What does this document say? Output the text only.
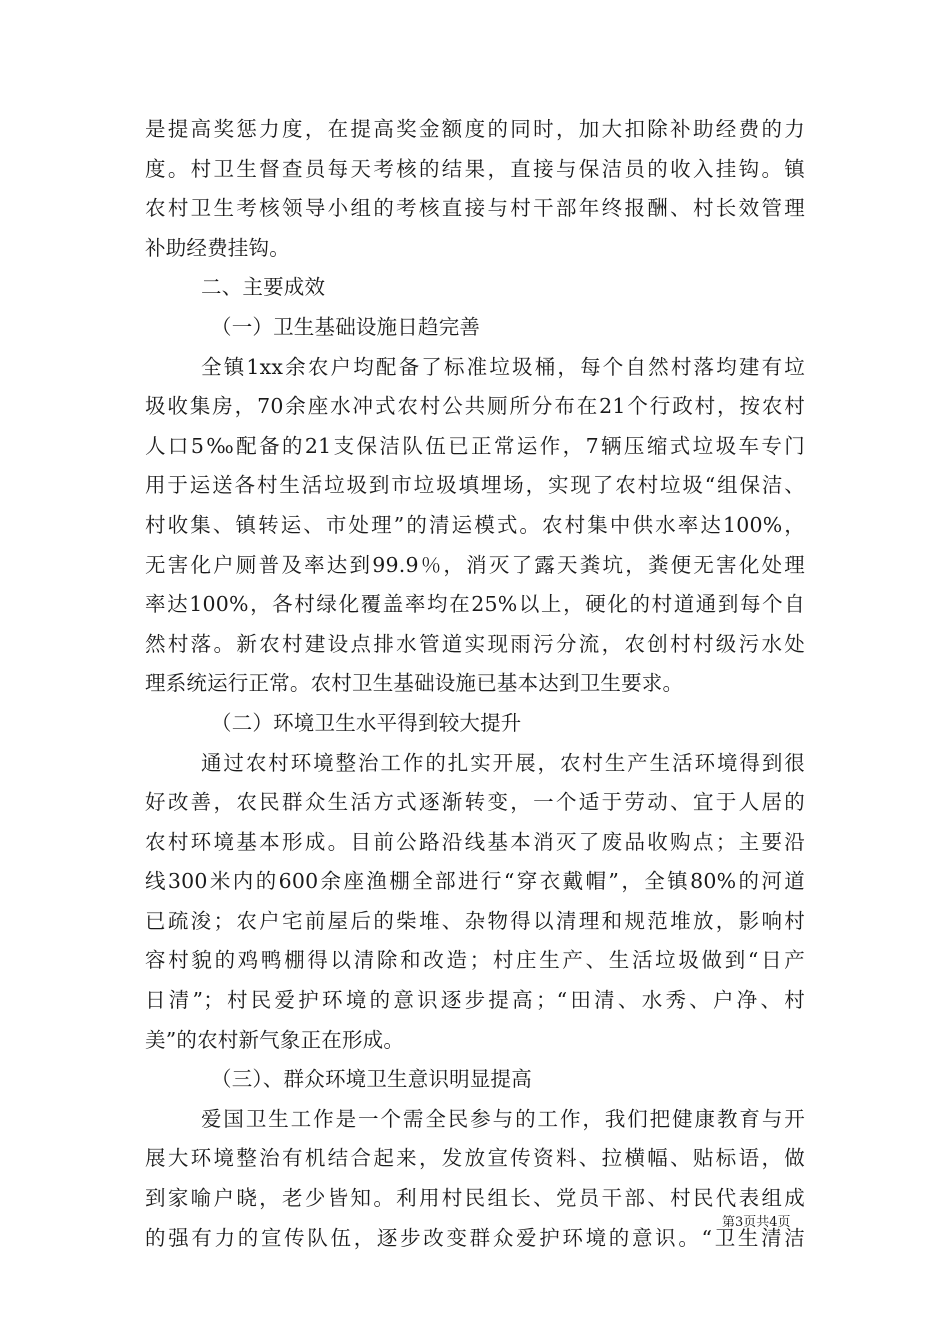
是提高奖惩力度，在提高奖金额度的同时，加大扣除补助经费的力
度。村卫生督查员每天考核的结果，直接与保洁员的收入挂钩。镇
农村卫生考核领导小组的考核直接与村干部年终报酬、村长效管理
补助经费挂钩。
二、主要成效
（一）卫生基础设施日趋完善
全镇1xx余农户均配备了标准垃圾桶，每个自然村落均建有垃
圾收集房，70余座水冲式农村公共厕所分布在21个行政村，按农村
人口5‰配备的21支保洁队伍已正常运作，7辆压缩式垃圾车专门
用于运送各村生活垃圾到市垃圾填埋场，实现了农村垃圾“组保洁、
村收集、镇转运、市处理”的清运模式。农村集中供水率达100%，
无害化户厕普及率达到99.9％，消灭了露天粪坑，粪便无害化处理
率达100%，各村绿化覆盖率均在25%以上，硬化的村道通到每个自
然村落。新农村建设点排水管道实现雨污分流，农创村村级污水处
理系统运行正常。农村卫生基础设施已基本达到卫生要求。
（二）环境卫生水平得到较大提升
通过农村环境整治工作的扎实开展，农村生产生活环境得到很
好改善，农民群众生活方式逐渐转变，一个适于劳动、宜于人居的
农村环境基本形成。目前公路沿线基本消灭了废品收购点；主要沿
线300米内的600余座渔棚全部进行“穿衣戴帽”，全镇80%的河道
已疏浚；农户宅前屋后的柴堆、杂物得以清理和规范堆放，影响村
容村貌的鸡鸭棚得以清除和改造；村庄生产、生活垃圾做到“日产
日清”；村民爱护环境的意识逐步提高；“田清、水秀、户净、村
美”的农村新气象正在形成。
（三）、群众环境卫生意识明显提高
爱国卫生工作是一个需全民参与的工作，我们把健康教育与开
展大环境整治有机结合起来，发放宣传资料、拉横幅、贴标语，做
到家喻户晓，老少皆知。利用村民组长、党员干部、村民代表组成
的强有力的宣传队伍，逐步改变群众爱护环境的意识。“卫生清洁
第3页共4页
